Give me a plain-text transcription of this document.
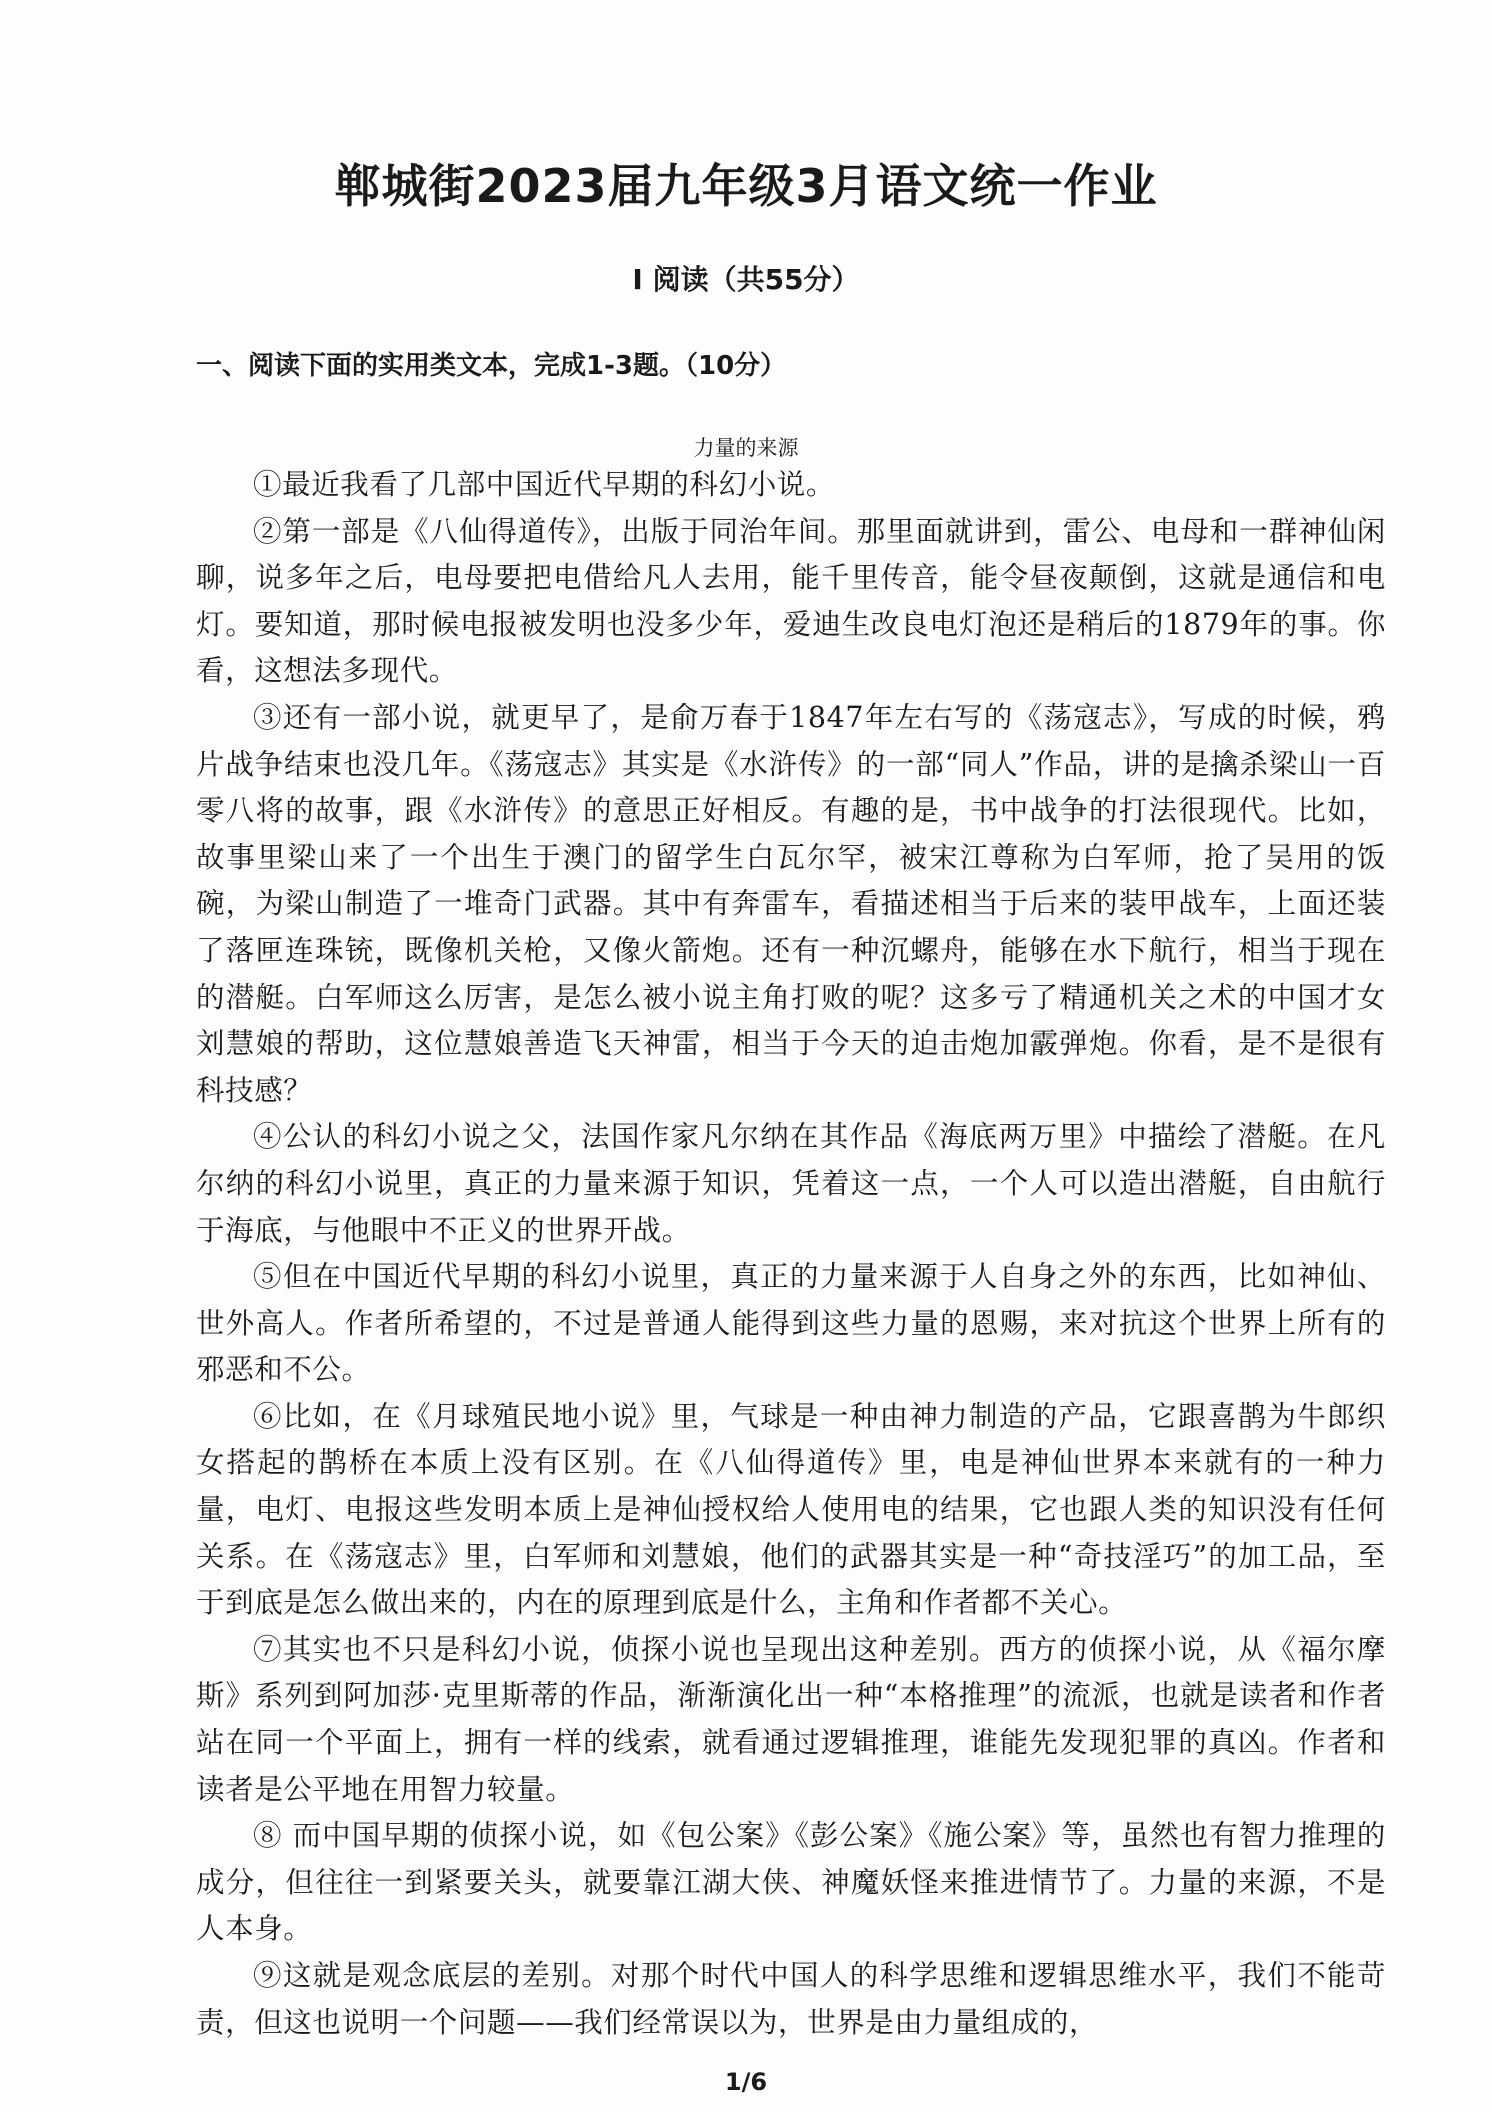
郸城街2023届九年级3月语文统一作业
Ⅰ 阅读（共55分）
一、阅读下面的实用类文本，完成1-3题。（10分）
力量的来源

①最近我看了几部中国近代早期的科幻小说。

②第一部是《八仙得道传》，出版于同治年间。那里面就讲到，雷公、电母和一群神仙闲聊，说多年之后，电母要把电借给凡人去用，能千里传音，能令昼夜颠倒，这就是通信和电灯。要知道，那时候电报被发明也没多少年，爱迪生改良电灯泡还是稍后的1879年的事。你看，这想法多现代。

③还有一部小说，就更早了，是俞万春于1847年左右写的《荡寇志》，写成的时候，鸦片战争结束也没几年。《荡寇志》其实是《水浒传》的一部“同人”作品，讲的是擒杀梁山一百零八将的故事，跟《水浒传》的意思正好相反。有趣的是，书中战争的打法很现代。比如，故事里梁山来了一个出生于澳门的留学生白瓦尔罕，被宋江尊称为白军师，抢了吴用的饭碗，为梁山制造了一堆奇门武器。其中有奔雷车，看描述相当于后来的装甲战车，上面还装了落匣连珠铳，既像机关枪，又像火箭炮。还有一种沉螺舟，能够在水下航行，相当于现在的潜艇。白军师这么厉害，是怎么被小说主角打败的呢？这多亏了精通机关之术的中国才女刘慧娘的帮助，这位慧娘善造飞天神雷，相当于今天的迫击炮加霰弹炮。你看，是不是很有科技感？

④公认的科幻小说之父，法国作家凡尔纳在其作品《海底两万里》中描绘了潜艇。在凡尔纳的科幻小说里，真正的力量来源于知识，凭着这一点，一个人可以造出潜艇，自由航行于海底，与他眼中不正义的世界开战。

⑤但在中国近代早期的科幻小说里，真正的力量来源于人自身之外的东西，比如神仙、世外高人。作者所希望的，不过是普通人能得到这些力量的恩赐，来对抗这个世界上所有的邪恶和不公。

⑥比如，在《月球殖民地小说》里，气球是一种由神力制造的产品，它跟喜鹊为牛郎织女搭起的鹊桥在本质上没有区别。在《八仙得道传》里，电是神仙世界本来就有的一种力量，电灯、电报这些发明本质上是神仙授权给人使用电的结果，它也跟人类的知识没有任何关系。在《荡寇志》里，白军师和刘慧娘，他们的武器其实是一种“奇技淫巧”的加工品，至于到底是怎么做出来的，内在的原理到底是什么，主角和作者都不关心。

⑦其实也不只是科幻小说，侦探小说也呈现出这种差别。西方的侦探小说，从《福尔摩斯》系列到阿加莎·克里斯蒂的作品，渐渐演化出一种“本格推理”的流派，也就是读者和作者站在同一个平面上，拥有一样的线索，就看通过逻辑推理，谁能先发现犯罪的真凶。作者和读者是公平地在用智力较量。

⑧ 而中国早期的侦探小说，如《包公案》《彭公案》《施公案》等，虽然也有智力推理的成分，但往往一到紧要关头，就要靠江湖大侠、神魔妖怪来推进情节了。力量的来源，不是人本身。

⑨这就是观念底层的差别。对那个时代中国人的科学思维和逻辑思维水平，我们不能苛责，但这也说明一个问题——我们经常误以为，世界是由力量组成的，

1/6
